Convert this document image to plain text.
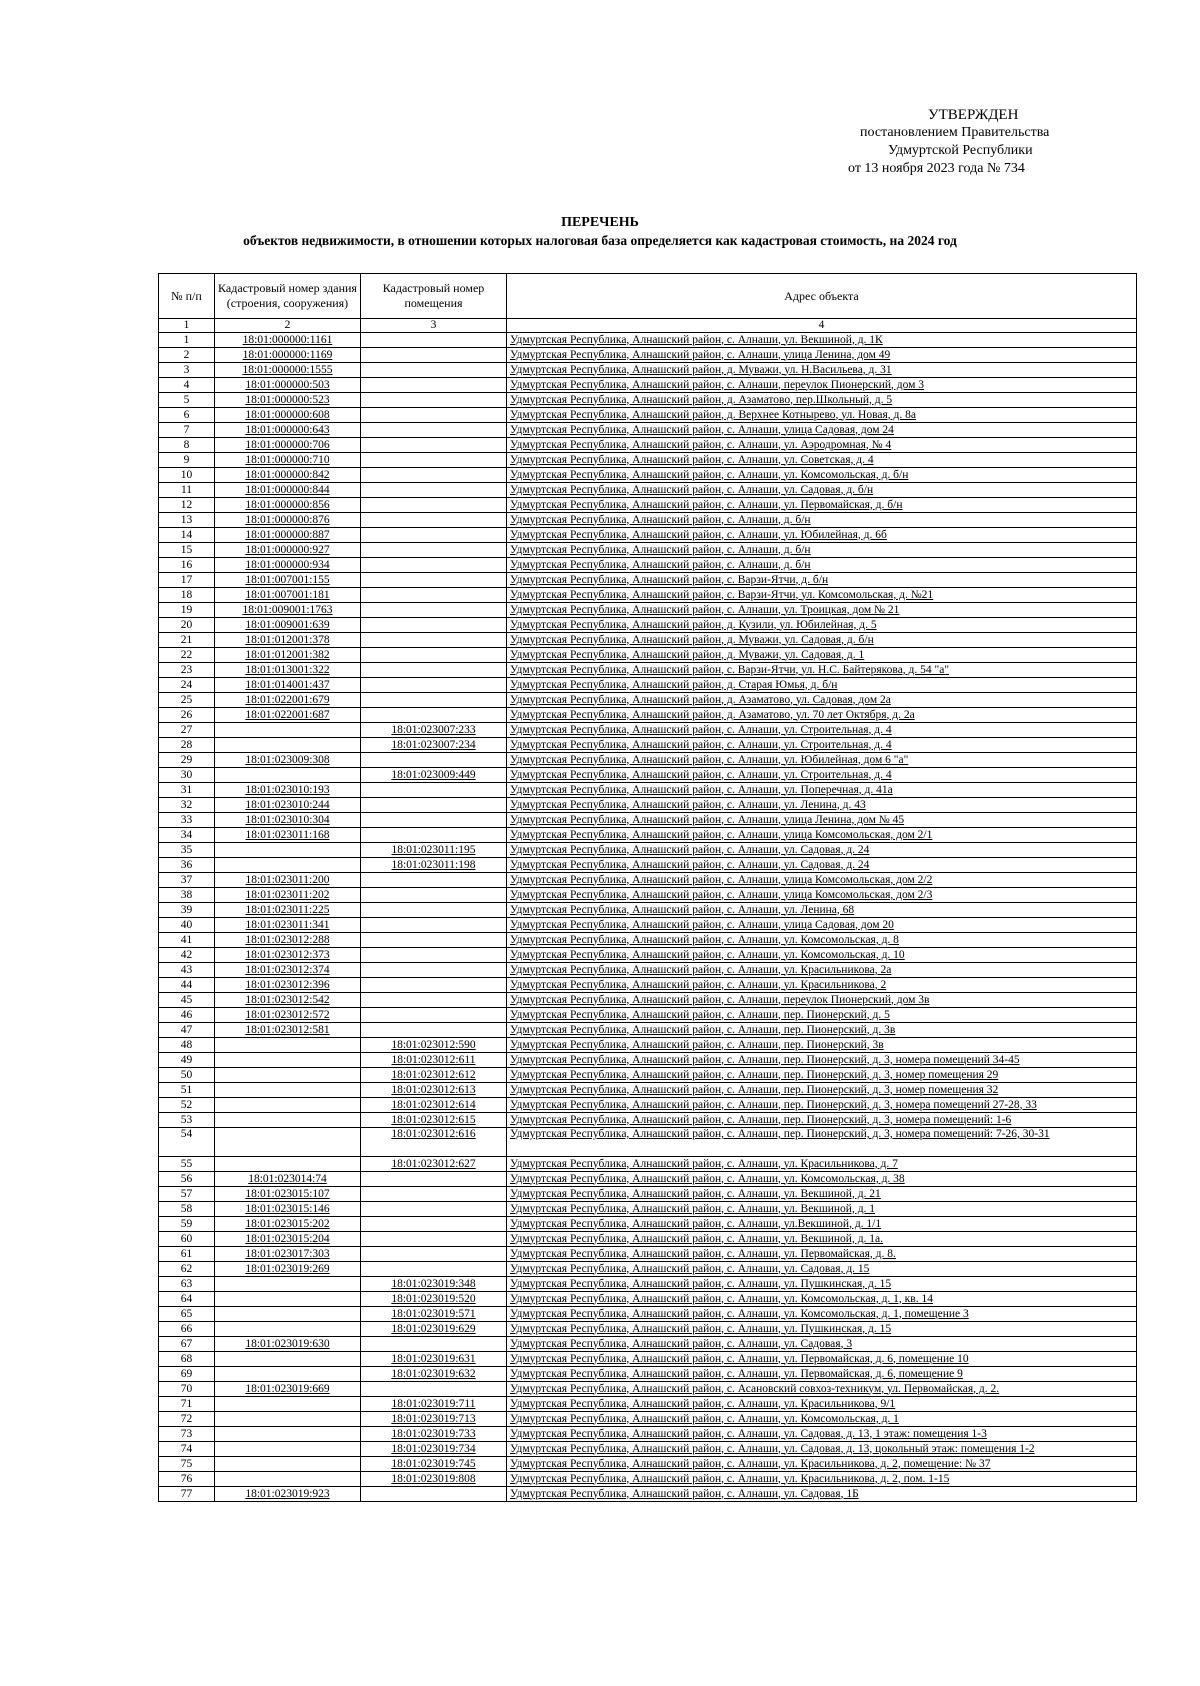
УТВЕРЖДЕН
постановлением Правительства
Удмуртской Республики
от 13 ноября 2023 года № 734
ПЕРЕЧЕНЬ
объектов недвижимости, в отношении которых налоговая база определяется как кадастровая стоимость, на 2024 год
№ п/п	Кадастровый номер здания (строения, сооружения)	Кадастровый номер помещения	Адрес объекта
1	2	3	4
1	18:01:000000:1161		Удмуртская Республика, Алнашский район, с. Алнаши, ул. Векшиной, д. 1К
2	18:01:000000:1169		Удмуртская Республика, Алнашский район, с. Алнаши, улица Ленина, дом 49
3	18:01:000000:1555		Удмуртская Республика, Алнашский район, д. Муважи, ул. Н.Васильева, д. 31
4	18:01:000000:503		Удмуртская Республика, Алнашский район, с. Алнаши, переулок Пионерский, дом 3
5	18:01:000000:523		Удмуртская Республика, Алнашский район, д. Азаматово, пер.Школьный, д. 5
6	18:01:000000:608		Удмуртская Республика, Алнашский район, д. Верхнее Котнырево, ул. Новая, д. 8а
7	18:01:000000:643		Удмуртская Республика, Алнашский район, с. Алнаши, улица Садовая, дом 24
8	18:01:000000:706		Удмуртская Республика, Алнашский район, с. Алнаши, ул. Аэродромная, № 4
9	18:01:000000:710		Удмуртская Республика, Алнашский район, с. Алнаши, ул. Советская, д. 4
10	18:01:000000:842		Удмуртская Республика, Алнашский район, с. Алнаши, ул. Комсомольская, д. б/н
11	18:01:000000:844		Удмуртская Республика, Алнашский район, с. Алнаши, ул. Садовая, д. б/н
12	18:01:000000:856		Удмуртская Республика, Алнашский район, с. Алнаши, ул. Первомайская, д. б/н
13	18:01:000000:876		Удмуртская Республика, Алнашский район, с. Алнаши, д. б/н
14	18:01:000000:887		Удмуртская Республика, Алнашский район, с. Алнаши, ул. Юбилейная, д. 6б
15	18:01:000000:927		Удмуртская Республика, Алнашский район, с. Алнаши, д. б/н
16	18:01:000000:934		Удмуртская Республика, Алнашский район, с. Алнаши, д. б/н
17	18:01:007001:155		Удмуртская Республика, Алнашский район, с. Варзи-Ятчи, д. б/н
18	18:01:007001:181		Удмуртская Республика, Алнашский район, с. Варзи-Ятчи, ул. Комсомольская, д. №21
19	18:01:009001:1763		Удмуртская Республика, Алнашский район, с. Алнаши, ул. Троицкая, дом № 21
20	18:01:009001:639		Удмуртская Республика, Алнашский район, д. Кузили, ул. Юбилейная, д. 5
21	18:01:012001:378		Удмуртская Республика, Алнашский район, д. Муважи, ул. Садовая, д. б/н
22	18:01:012001:382		Удмуртская Республика, Алнашский район, д. Муважи, ул. Садовая, д. 1
23	18:01:013001:322		Удмуртская Республика, Алнашский район, с. Варзи-Ятчи, ул. Н.С. Байтерякова, д. 54 "а"
24	18:01:014001:437		Удмуртская Республика, Алнашский район, д. Старая Юмья, д. б/н
25	18:01:022001:679		Удмуртская Республика, Алнашский район, д. Азаматово, ул. Садовая, дом 2а
26	18:01:022001:687		Удмуртская Республика, Алнашский район, д. Азаматово, ул. 70 лет Октября, д. 2а
27		18:01:023007:233	Удмуртская Республика, Алнашский район, с. Алнаши, ул. Строительная, д. 4
28		18:01:023007:234	Удмуртская Республика, Алнашский район, с. Алнаши, ул. Строительная, д. 4
29	18:01:023009:308		Удмуртская Республика, Алнашский район, с. Алнаши, ул. Юбилейная, дом 6 "а"
30		18:01:023009:449	Удмуртская Республика, Алнашский район, с. Алнаши, ул. Строительная, д. 4
31	18:01:023010:193		Удмуртская Республика, Алнашский район, с. Алнаши, ул. Поперечная, д. 41а
32	18:01:023010:244		Удмуртская Республика, Алнашский район, с. Алнаши, ул. Ленина, д. 43
33	18:01:023010:304		Удмуртская Республика, Алнашский район, с. Алнаши, улица Ленина, дом № 45
34	18:01:023011:168		Удмуртская Республика, Алнашский район, с. Алнаши, улица Комсомольская, дом 2/1
35		18:01:023011:195	Удмуртская Республика, Алнашский район, с. Алнаши, ул. Садовая, д. 24
36		18:01:023011:198	Удмуртская Республика, Алнашский район, с. Алнаши, ул. Садовая, д. 24
37	18:01:023011:200		Удмуртская Республика, Алнашский район, с. Алнаши, улица Комсомольская, дом 2/2
38	18:01:023011:202		Удмуртская Республика, Алнашский район, с. Алнаши, улица Комсомольская, дом 2/3
39	18:01:023011:225		Удмуртская Республика, Алнашский район, с. Алнаши, ул. Ленина, 68
40	18:01:023011:341		Удмуртская Республика, Алнашский район, с. Алнаши, улица Садовая, дом 20
41	18:01:023012:288		Удмуртская Республика, Алнашский район, с. Алнаши, ул. Комсомольская, д. 8
42	18:01:023012:373		Удмуртская Республика, Алнашский район, с. Алнаши, ул. Комсомольская, д. 10
43	18:01:023012:374		Удмуртская Республика, Алнашский район, с. Алнаши, ул. Красильникова, 2а
44	18:01:023012:396		Удмуртская Республика, Алнашский район, с. Алнаши, ул. Красильникова, 2
45	18:01:023012:542		Удмуртская Республика, Алнашский район, с. Алнаши, переулок Пионерский, дом 3в
46	18:01:023012:572		Удмуртская Республика, Алнашский район, с. Алнаши, пер. Пионерский, д. 5
47	18:01:023012:581		Удмуртская Республика, Алнашский район, с. Алнаши, пер. Пионерский, д. 3в
48		18:01:023012:590	Удмуртская Республика, Алнашский район, с. Алнаши, пер. Пионерский, 3в
49		18:01:023012:611	Удмуртская Республика, Алнашский район, с. Алнаши, пер. Пионерский, д. 3, номера помещений 34-45
50		18:01:023012:612	Удмуртская Республика, Алнашский район, с. Алнаши, пер. Пионерский, д. 3, номер помещения 29
51		18:01:023012:613	Удмуртская Республика, Алнашский район, с. Алнаши, пер. Пионерский, д. 3, номер помещения 32
52		18:01:023012:614	Удмуртская Республика, Алнашский район, с. Алнаши, пер. Пионерский, д. 3, номера помещений 27-28, 33
53		18:01:023012:615	Удмуртская Республика, Алнашский район, с. Алнаши, пер. Пионерский, д. 3, номера помещений: 1-6
54		18:01:023012:616	Удмуртская Республика, Алнашский район, с. Алнаши, пер. Пионерский, д. 3, номера помещений: 7-26, 30-31
55		18:01:023012:627	Удмуртская Республика, Алнашский район, с. Алнаши, ул. Красильникова, д. 7
56	18:01:023014:74		Удмуртская Республика, Алнашский район, с. Алнаши, ул. Комсомольская, д. 38
57	18:01:023015:107		Удмуртская Республика, Алнашский район, с. Алнаши, ул. Векшиной, д. 21
58	18:01:023015:146		Удмуртская Республика, Алнашский район, с. Алнаши, ул. Векшиной, д. 1
59	18:01:023015:202		Удмуртская Республика, Алнашский район, с. Алнаши, ул.Векшиной, д. 1/1
60	18:01:023015:204		Удмуртская Республика, Алнашский район, с. Алнаши, ул. Векшиной, д. 1а.
61	18:01:023017:303		Удмуртская Республика, Алнашский район, с. Алнаши, ул. Первомайская, д. 8.
62	18:01:023019:269		Удмуртская Республика, Алнашский район, с. Алнаши, ул. Садовая, д. 15
63		18:01:023019:348	Удмуртская Республика, Алнашский район, с. Алнаши, ул. Пушкинская, д. 15
64		18:01:023019:520	Удмуртская Республика, Алнашский район, с. Алнаши, ул. Комсомольская, д. 1, кв. 14
65		18:01:023019:571	Удмуртская Республика, Алнашский район, с. Алнаши, ул. Комсомольская, д. 1, помещение 3
66		18:01:023019:629	Удмуртская Республика, Алнашский район, с. Алнаши, ул. Пушкинская, д. 15
67	18:01:023019:630		Удмуртская Республика, Алнашский район, с. Алнаши, ул. Садовая, 3
68		18:01:023019:631	Удмуртская Республика, Алнашский район, с. Алнаши, ул. Первомайская, д. 6, помещение 10
69		18:01:023019:632	Удмуртская Республика, Алнашский район, с. Алнаши, ул. Первомайская, д. 6, помещение 9
70	18:01:023019:669		Удмуртская Республика, Алнашский район, с. Асановский совхоз-техникум, ул. Первомайская, д. 2.
71		18:01:023019:711	Удмуртская Республика, Алнашский район, с. Алнаши, ул. Красильникова, 9/1
72		18:01:023019:713	Удмуртская Республика, Алнашский район, с. Алнаши, ул. Комсомольская, д. 1
73		18:01:023019:733	Удмуртская Республика, Алнашский район, с. Алнаши, ул. Садовая, д. 13, 1 этаж: помещения 1-3
74		18:01:023019:734	Удмуртская Республика, Алнашский район, с. Алнаши, ул. Садовая, д. 13, цокольный этаж: помещения 1-2
75		18:01:023019:745	Удмуртская Республика, Алнашский район, с. Алнаши, ул. Красильникова, д. 2, помещение: № 37
76		18:01:023019:808	Удмуртская Республика, Алнашский район, с. Алнаши, ул. Красильникова, д. 2, пом. 1-15
77	18:01:023019:923		Удмуртская Республика, Алнашский район, с. Алнаши, ул. Садовая, 1Б
